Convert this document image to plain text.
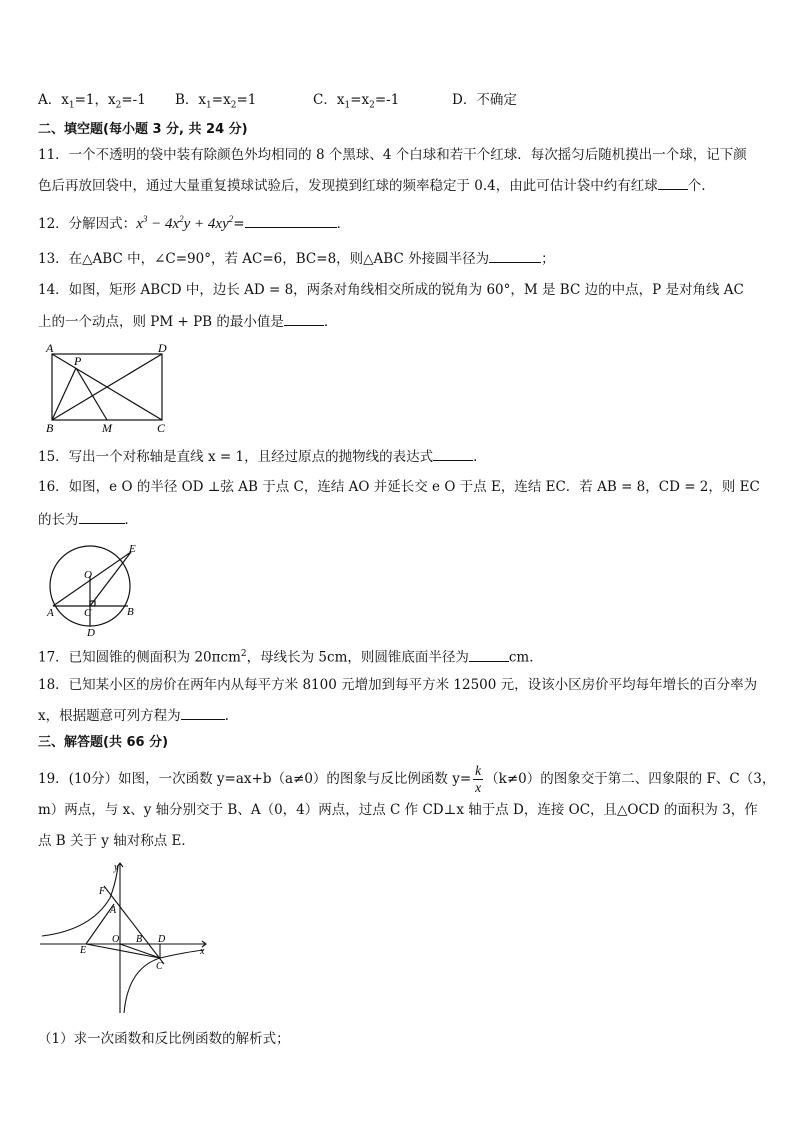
A．$x_1=1$，$x_2=-1$ B．$x_1=x_2=1$	C．$x_1=x_2=-1$	D．不确定
二、填空题(每小题 3 分, 共 24 分)
11．一个不透明的袋中装有除颜色外均相同的 8 个黑球、4 个白球和若干个红球．每次摇匀后随机摸出一个球，记下颜
色后再放回袋中，通过大量重复摸球试验后，发现摸到红球的频率稳定于 0.4，由此可估计袋中约有红球 个.
12．分解因式：$x^3 - 4x^2y + 4xy^2=$	．
13．在△ABC 中，∠C=90°，若 AC=6，BC=8，则△ABC 外接圆半径为	；
14．如图，矩形 ABCD 中，边长 AD = 8，两条对角线相交所成的锐角为 60°，M 是 BC 边的中点，P 是对角线 AC
上的一个动点，则 PM + PB 的最小值是	．
A	D
P
B	M	C
15．写出一个对称轴是直线 x = 1，且经过原点的抛物线的表达式	．
16．如图，e O 的半径 OD ⊥弦 AB 于点 C，连结 AO 并延长交 e O 于点 E，连结 EC．若 AB = 8，CD = 2，则 EC
的长为	．
E
O
A	C	B
D
17．已知圆锥的侧面积为 20πcm$^2$，母线长为 5cm，则圆锥底面半径为	cm．
18．已知某小区的房价在两年内从每平方米 8100 元增加到每平方米 12500 元，设该小区房价平均每年增长的百分率为
x，根据题意可列方程为	.
三、解答题(共 66 分)
19．(10分）如图，一次函数 y=ax+b（a≠0）的图象与反比例函数 $y= \frac{k}{x} (k\ne 0)$的图象交于第二、四象限的 F、C（3，
m）两点，与 x、y 轴分别交于 B、A（0，4）两点，过点 C 作 CD⊥x 轴于点 D，连接 OC，且△OCD 的面积为 3，作
点 B 关于 y 轴对称点 E．
y
F
A
O B D
E
C
x
（1）求一次函数和反比例函数的解析式；
